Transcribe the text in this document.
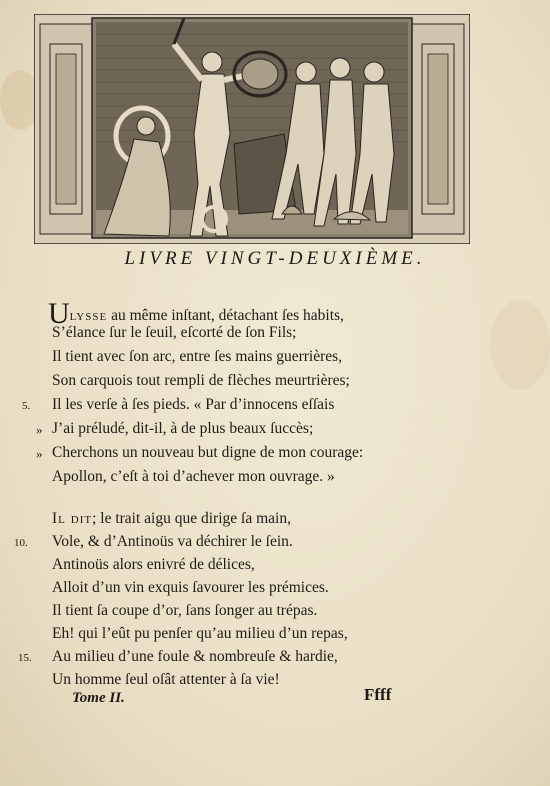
LIVRE VINGT-DEUXIÈME.
Ulysse au même inſtant, détachant ſes habits,
S’élance ſur le ſeuil, eſcorté de ſon Fils;
Il tient avec ſon arc, entre ſes mains guerrières,
Son carquois tout rempli de flèches meurtrières;
Il les verſe à ſes pieds. « Par d’innocens eſſais
J’ai préludé, dit-il, à de plus beaux ſuccès;
Cherchons un nouveau but digne de mon courage:
Apollon, c’eſt à toi d’achever mon ouvrage. »
5.
»
»
Il dit; le trait aigu que dirige ſa main,
Vole, & d’Antinoüs va déchirer le ſein.
Antinoüs alors enivré de délices,
Alloit d’un vin exquis ſavourer les prémices.
Il tient ſa coupe d’or, ſans ſonger au trépas.
Eh! qui l’eût pu penſer qu’au milieu d’un repas,
Au milieu d’une foule & nombreuſe & hardie,
Un homme ſeul oſât attenter à ſa vie!
10.
15.
Tome II.	Ffff
